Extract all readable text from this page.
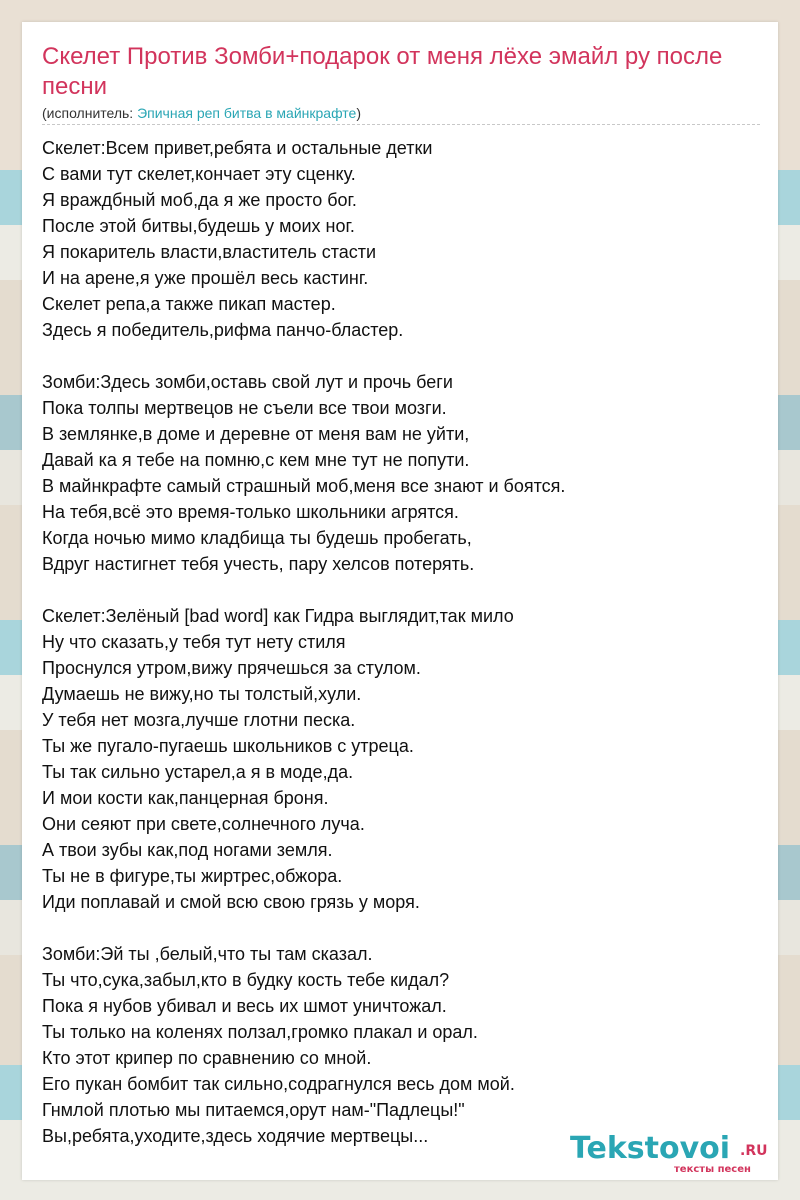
Скелет Против Зомби+подарок от меня лёхе эмайл ру после песни
(исполнитель: Эпичная реп битва в майнкрафте)
Скелет:Всем привет,ребята и остальные детки
С вами тут скелет,кончает эту сценку.
Я враждбный моб,да я же просто бог.
После этой битвы,будешь у моих ног.
Я покаритель власти,властитель стасти
И на арене,я уже прошёл весь кастинг.
Скелет репа,а также пикап мастер.
Здесь я победитель,рифма панчо-бластер.
Зомби:Здесь зомби,оставь свой лут и прочь беги
Пока толпы мертвецов не съели все твои мозги.
В землянке,в доме и деревне от меня вам не уйти,
Давай ка я тебе на помню,с кем мне тут не попути.
В майнкрафте самый страшный моб,меня все знают и боятся.
На тебя,всё это время-только школьники агрятся.
Когда ночью мимо кладбища ты будешь пробегать,
Вдруг настигнет тебя учесть, пару хелсов потерять.
Скелет:Зелёный [bad word] как Гидра выглядит,так мило
Ну что сказать,у тебя тут нету стиля
Проснулся утром,вижу прячешься за стулом.
Думаешь не вижу,но ты толстый,хули.
У тебя нет мозга,лучше глотни песка.
Ты же пугало-пугаешь школьников с утреца.
Ты так сильно устарел,а я в моде,да.
И мои кости как,панцерная броня.
Они сеяют при свете,солнечного луча.
А твои зубы как,под ногами земля.
Ты не в фигуре,ты жиртрес,обжора.
Иди поплавай и смой всю свою грязь у моря.
Зомби:Эй ты ,белый,что ты там сказал.
Ты что,сука,забыл,кто в будку кость тебе кидал?
Пока я нубов убивал и весь их шмот уничтожал.
Ты только на коленях ползал,громко плакал и орал.
Кто этот крипер по сравнению со мной.
Его пукан бомбит так сильно,содрагнулся весь дом мой.
Гнмлой плотью мы питаемся,орут нам-"Падлецы!"
Вы,ребята,уходите,здесь ходячие мертвецы...	Tekstovoi .RU
тексты песен
